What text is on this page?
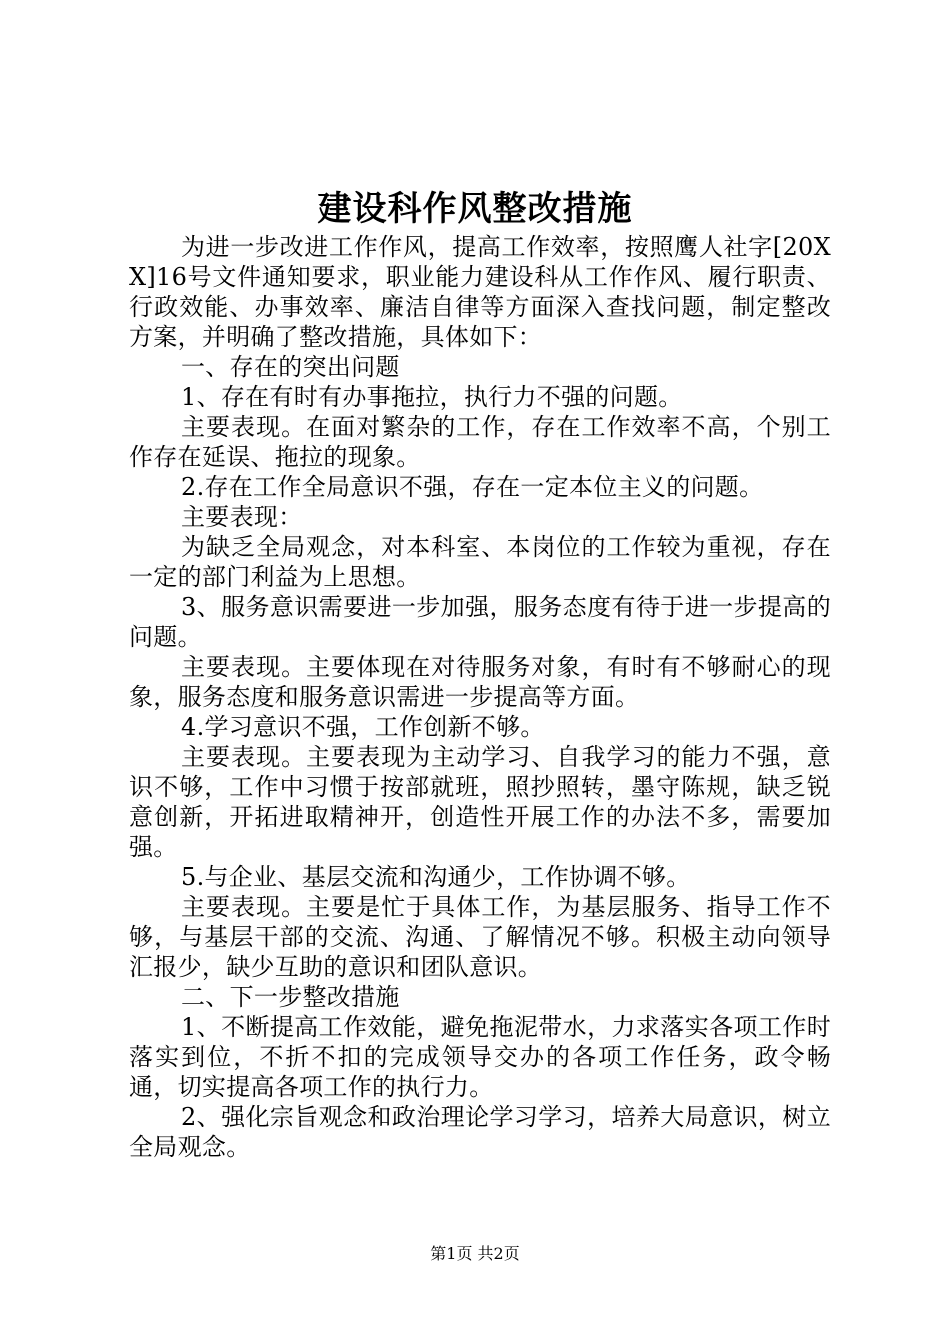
建设科作风整改措施

为进一步改进工作作风，提高工作效率，按照鹰人社字[20XX]16号文件通知要求，职业能力建设科从工作作风、履行职责、行政效能、办事效率、廉洁自律等方面深入查找问题，制定整改方案，并明确了整改措施，具体如下：

一、存在的突出问题

1、存在有时有办事拖拉，执行力不强的问题。

主要表现。在面对繁杂的工作，存在工作效率不高，个别工作存在延误、拖拉的现象。

2.存在工作全局意识不强，存在一定本位主义的问题。

主要表现：

为缺乏全局观念，对本科室、本岗位的工作较为重视，存在一定的部门利益为上思想。

3、服务意识需要进一步加强，服务态度有待于进一步提高的问题。

主要表现。主要体现在对待服务对象，有时有不够耐心的现象，服务态度和服务意识需进一步提高等方面。

4.学习意识不强，工作创新不够。

主要表现。主要表现为主动学习、自我学习的能力不强，意识不够，工作中习惯于按部就班，照抄照转，墨守陈规，缺乏锐意创新，开拓进取精神开，创造性开展工作的办法不多，需要加强。

5.与企业、基层交流和沟通少，工作协调不够。

主要表现。主要是忙于具体工作，为基层服务、指导工作不够，与基层干部的交流、沟通、了解情况不够。积极主动向领导汇报少，缺少互助的意识和团队意识。

二、下一步整改措施

1、不断提高工作效能，避免拖泥带水，力求落实各项工作时落实到位，不折不扣的完成领导交办的各项工作任务，政令畅通，切实提高各项工作的执行力。

2、强化宗旨观念和政治理论学习学习，培养大局意识，树立全局观念。

第1页 共2页
